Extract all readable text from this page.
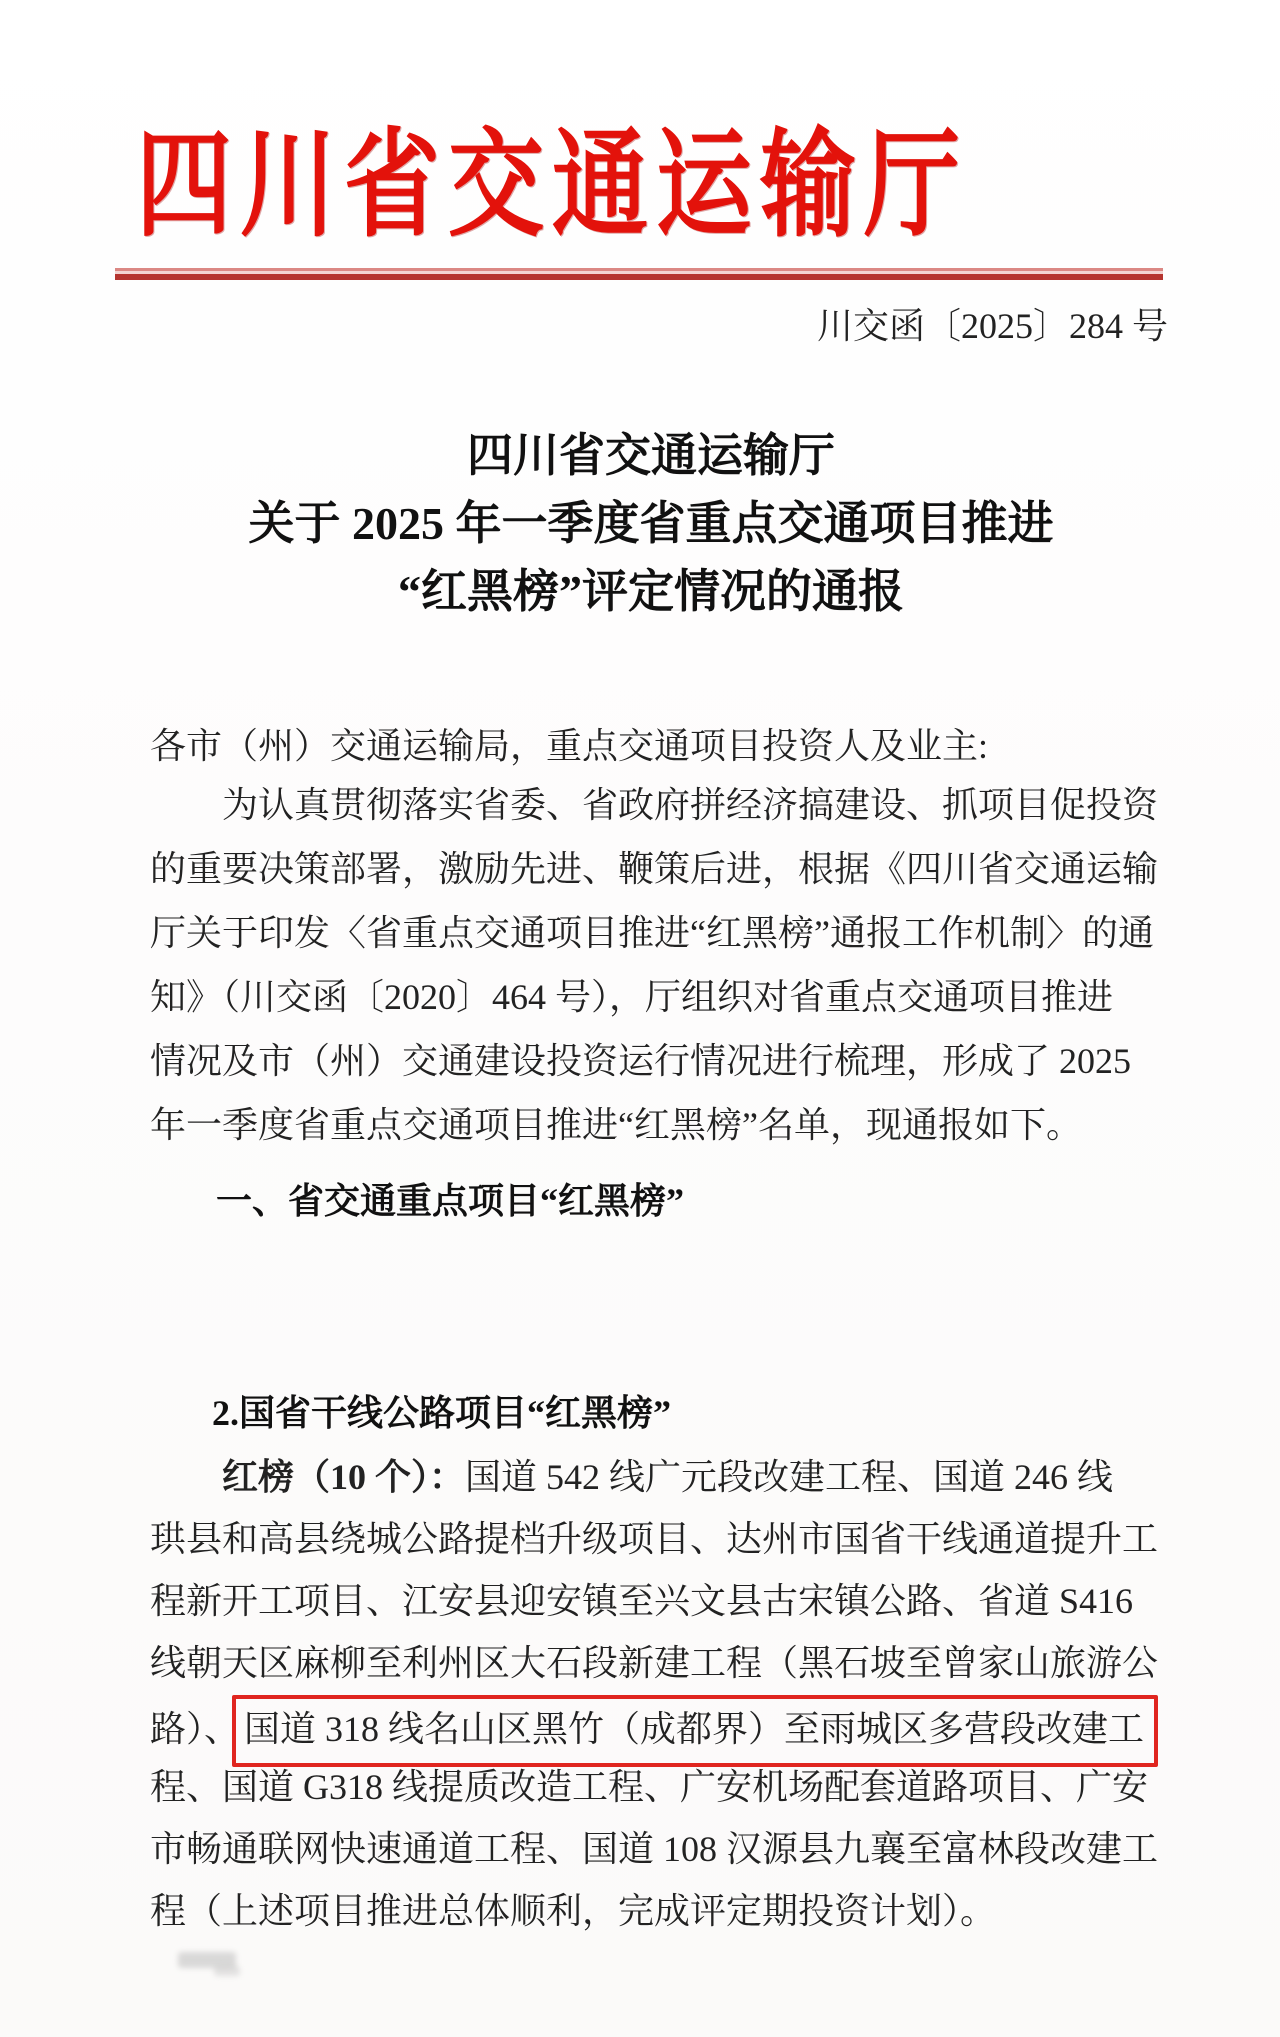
四川省交通运输厅
川交函〔2025〕284 号
四川省交通运输厅
关于 2025 年一季度省重点交通项目推进
“红黑榜”评定情况的通报
各市（州）交通运输局，重点交通项目投资人及业主:
为认真贯彻落实省委、省政府拼经济搞建设、抓项目促投资
的重要决策部署，激励先进、鞭策后进，根据《四川省交通运输
厅关于印发〈省重点交通项目推进“红黑榜”通报工作机制〉的通
知》（川交函〔2020〕464 号），厅组织对省重点交通项目推进
情况及市（州）交通建设投资运行情况进行梳理，形成了 2025
年一季度省重点交通项目推进“红黑榜”名单，现通报如下。
一、省交通重点项目“红黑榜”
2.国省干线公路项目“红黑榜”
红榜（10 个）：国道 542 线广元段改建工程、国道 246 线
珙县和高县绕城公路提档升级项目、达州市国省干线通道提升工
程新开工项目、江安县迎安镇至兴文县古宋镇公路、省道 S416
线朝天区麻柳至利州区大石段新建工程（黑石坡至曾家山旅游公
路）、 国道 318 线名山区黑竹（成都界）至雨城区多营段改建工
程、国道 G318 线提质改造工程、广安机场配套道路项目、广安
市畅通联网快速通道工程、国道 108 汉源县九襄至富林段改建工
程（上述项目推进总体顺利，完成评定期投资计划）。
